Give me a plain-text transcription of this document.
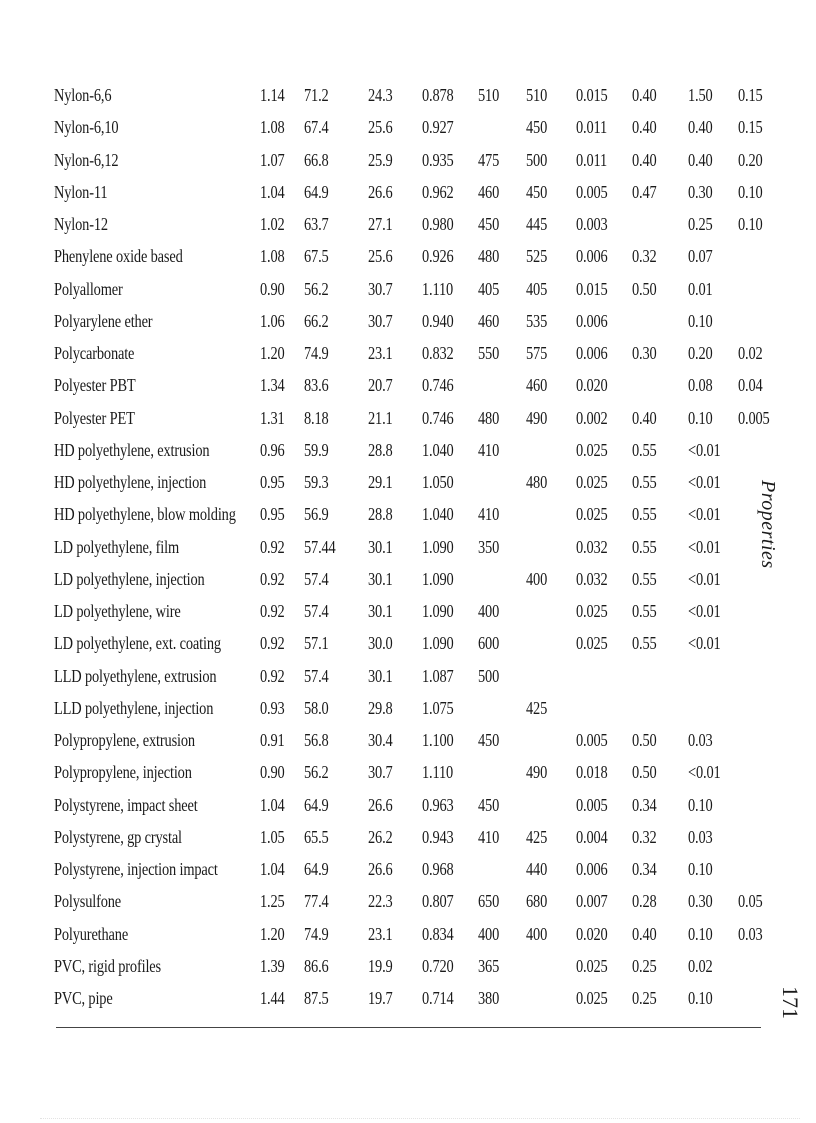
Nylon-6,6	1.14 71.2 24.3 0.878 510 510 0.015 0.40 1.50 0.15
Nylon-6,10	1.08 67.4 25.6 0.927	450 0.011 0.40 0.40 0.15
Nylon-6,12	1.07 66.8 25.9 0.935 475 500 0.011 0.40 0.40 0.20
Nylon-11	1.04 64.9 26.6 0.962 460 450 0.005 0.47 0.30 0.10
Nylon-12	1.02 63.7 27.1 0.980 450 445 0.003	0.25 0.10
Phenylene oxide based	1.08 67.5 25.6 0.926 480 525 0.006 0.32 0.07
Polyallomer	0.90 56.2 30.7 1.110 405 405 0.015 0.50 0.01
Polyarylene ether	1.06 66.2 30.7 0.940 460 535 0.006	0.10
Polycarbonate	1.20 74.9 23.1 0.832 550 575 0.006 0.30 0.20 0.02
Polyester PBT	1.34 83.6 20.7 0.746	460 0.020	0.08 0.04
Polyester PET	1.31 8.18 21.1 0.746 480 490 0.002 0.40 0.10 0.005
HD polyethylene, extrusion	0.96 59.9 28.8 1.040 410	0.025 0.55 <0.01
HD polyethylene, injection	0.95 59.3 29.1 1.050	480 0.025 0.55 <0.01
HD polyethylene, blow molding 0.95 56.9 28.8 1.040 410	0.025 0.55 <0.01
LD polyethylene, film	0.92 57.44 30.1 1.090 350	0.032 0.55 <0.01
LD polyethylene, injection	0.92 57.4 30.1 1.090	400 0.032 0.55 <0.01
LD polyethylene, wire	0.92 57.4 30.1 1.090 400	0.025 0.55 <0.01
LD polyethylene, ext. coating 0.92 57.1 30.0 1.090 600	0.025 0.55 <0.01
LLD polyethylene, extrusion 0.92 57.4 30.1 1.087 500
LLD polyethylene, injection	0.93 58.0 29.8 1.075	425
Polypropylene, extrusion	0.91 56.8 30.4 1.100 450	0.005 0.50 0.03
Polypropylene, injection	0.90 56.2 30.7 1.110	490 0.018 0.50 <0.01
Polystyrene, impact sheet	1.04 64.9 26.6 0.963 450	0.005 0.34 0.10
Polystyrene, gp crystal	1.05 65.5 26.2 0.943 410 425 0.004 0.32 0.03
Polystyrene, injection impact 1.04 64.9 26.6 0.968	440 0.006 0.34 0.10
Polysulfone	1.25 77.4 22.3 0.807 650 680 0.007 0.28 0.30 0.05
Polyurethane	1.20 74.9 23.1 0.834 400 400 0.020 0.40 0.10 0.03
PVC, rigid profiles	1.39 86.6 19.9 0.720 365	0.025 0.25 0.02
PVC, pipe	1.44 87.5 19.7 0.714 380	0.025 0.25 0.10
Properties
171
